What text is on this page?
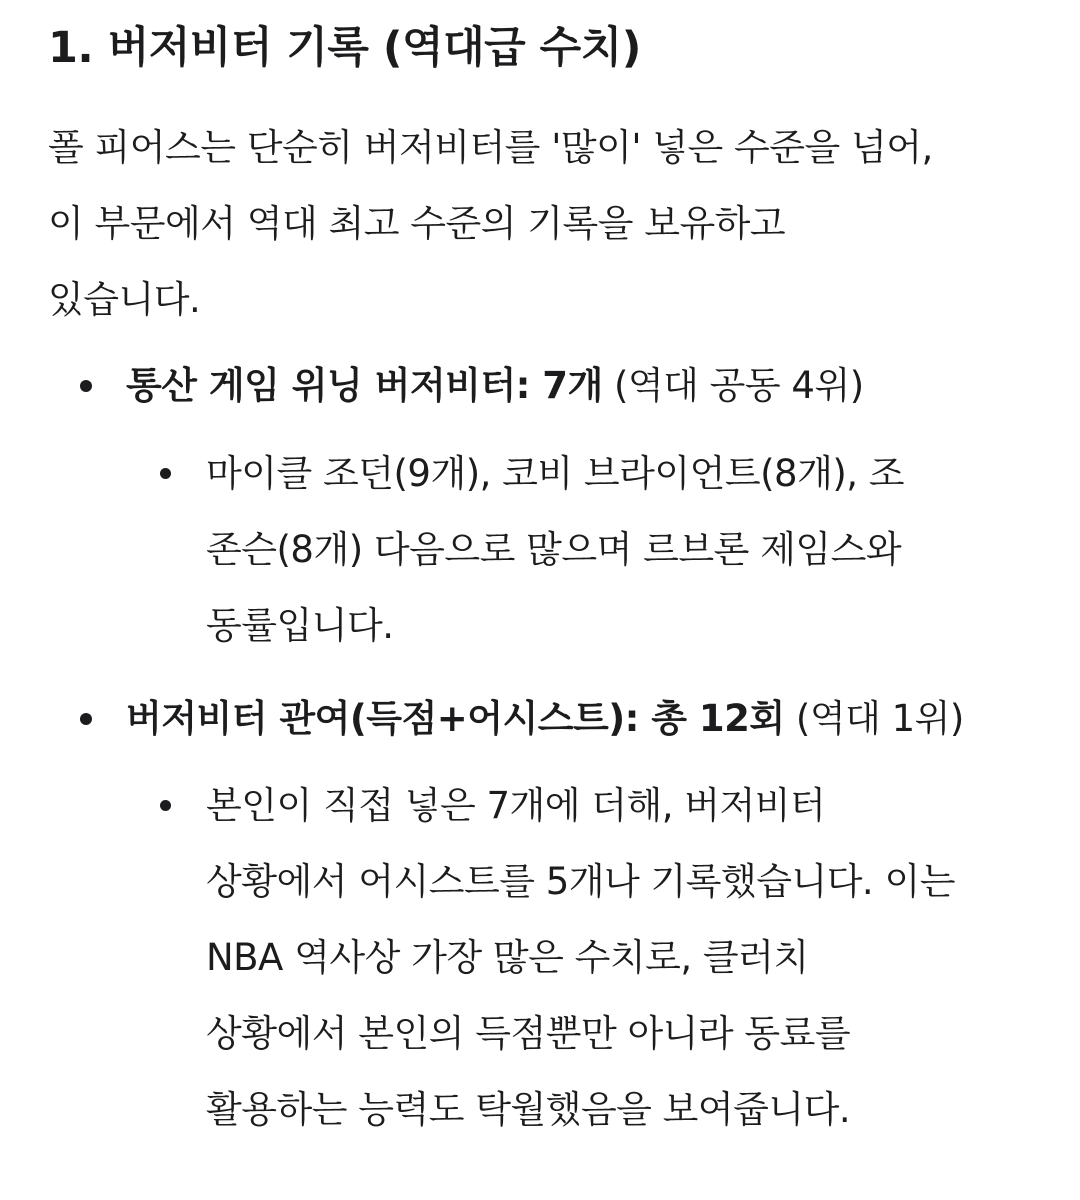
1. 버저비터 기록 (역대급 수치)

폴 피어스는 단순히 버저비터를 '많이' 넣은 수준을 넘어,
이 부문에서 역대 최고 수준의 기록을 보유하고
있습니다.

통산 게임 위닝 버저비터: 7개 (역대 공동 4위)
마이클 조던(9개), 코비 브라이언트(8개), 조
존슨(8개) 다음으로 많으며 르브론 제임스와
동률입니다.
버저비터 관여(득점+어시스트): 총 12회 (역대 1위)
본인이 직접 넣은 7개에 더해, 버저비터
상황에서 어시스트를 5개나 기록했습니다. 이는
NBA 역사상 가장 많은 수치로, 클러치
상황에서 본인의 득점뿐만 아니라 동료를
활용하는 능력도 탁월했음을 보여줍니다.
